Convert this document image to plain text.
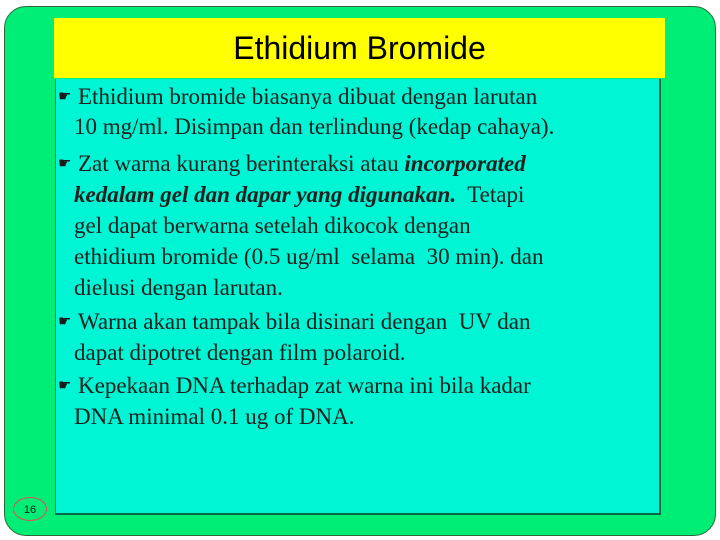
Ethidium Bromide
☛ Ethidium bromide biasanya dibuat dengan larutan
10 mg/ml. Disimpan dan terlindung (kedap cahaya).
☛ Zat warna kurang berinteraksi atau incorporated
kedalam gel dan dapar yang digunakan.  Tetapi
gel dapat berwarna setelah dikocok dengan
ethidium bromide (0.5 ug/ml  selama  30 min). dan
dielusi dengan larutan.
☛ Warna akan tampak bila disinari dengan  UV dan
dapat dipotret dengan film polaroid.
☛ Kepekaan DNA terhadap zat warna ini bila kadar
DNA minimal 0.1 ug of DNA.
16
